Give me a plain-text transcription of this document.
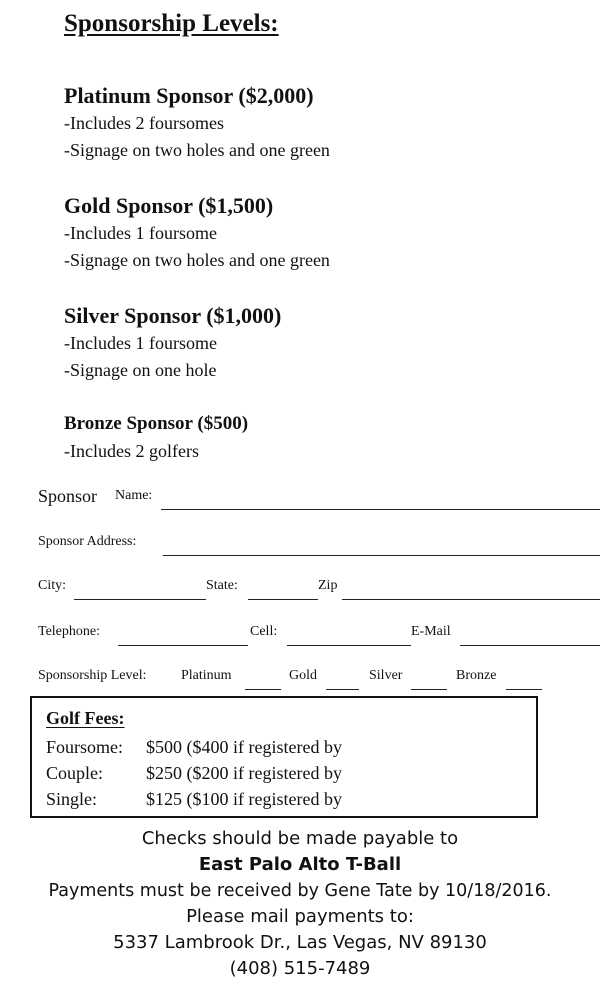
Sponsorship Levels:
Platinum Sponsor ($2,000)
-Includes 2 foursomes
-Signage on two holes and one green
Gold Sponsor ($1,500)
-Includes 1 foursome
-Signage on two holes and one green
Silver Sponsor ($1,000)
-Includes 1 foursome
-Signage on one hole
Bronze Sponsor ($500)
-Includes 2 golfers
Sponsor Name:
Sponsor Address:
City:	State:	Zip
Telephone:	Cell:	E-Mail
Sponsorship Level: Platinum	Gold	Silver	Bronze
Golf Fees:
Foursome: $500 ($400 if registered by
Couple: $250 ($200 if registered by
Single:	$125 ($100 if registered by
Checks should be made payable to
East Palo Alto T-Ball
Payments must be received by Gene Tate by 10/18/2016.
Please mail payments to:
5337 Lambrook Dr., Las Vegas, NV 89130
(408) 515-7489
